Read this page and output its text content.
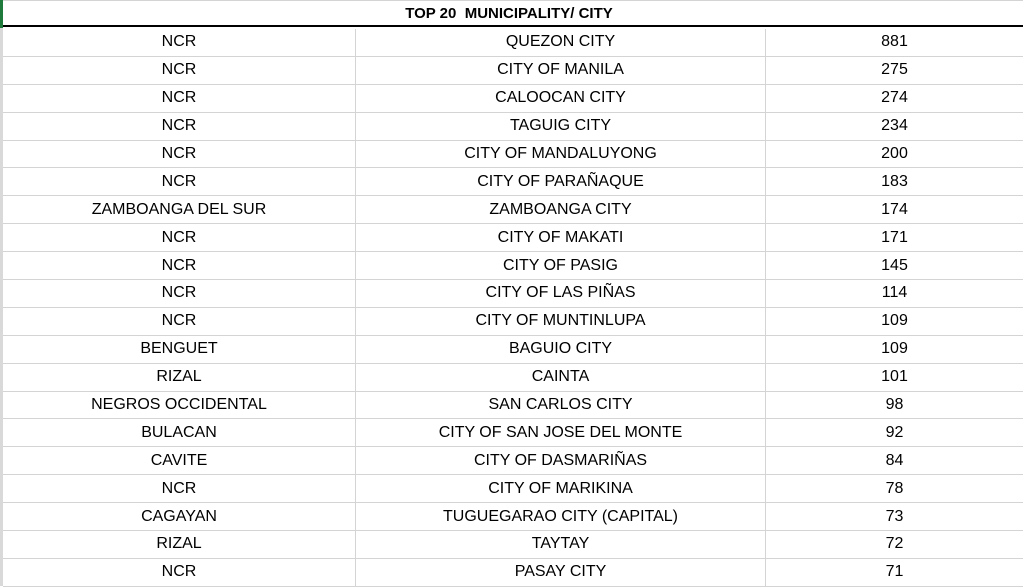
TOP 20  MUNICIPALITY/ CITY
NCR	QUEZON CITY	881
NCR	CITY OF MANILA	275
NCR	CALOOCAN CITY	274
NCR	TAGUIG CITY	234
NCR	CITY OF MANDALUYONG	200
NCR	CITY OF PARAÑAQUE	183
ZAMBOANGA DEL SUR	ZAMBOANGA CITY	174
NCR	CITY OF MAKATI	171
NCR	CITY OF PASIG	145
NCR	CITY OF LAS PIÑAS	114
NCR	CITY OF MUNTINLUPA	109
BENGUET	BAGUIO CITY	109
RIZAL	CAINTA	101
NEGROS OCCIDENTAL	SAN CARLOS CITY	98
BULACAN	CITY OF SAN JOSE DEL MONTE	92
CAVITE	CITY OF DASMARIÑAS	84
NCR	CITY OF MARIKINA	78
CAGAYAN	TUGUEGARAO CITY (CAPITAL)	73
RIZAL	TAYTAY	72
NCR	PASAY CITY	71
